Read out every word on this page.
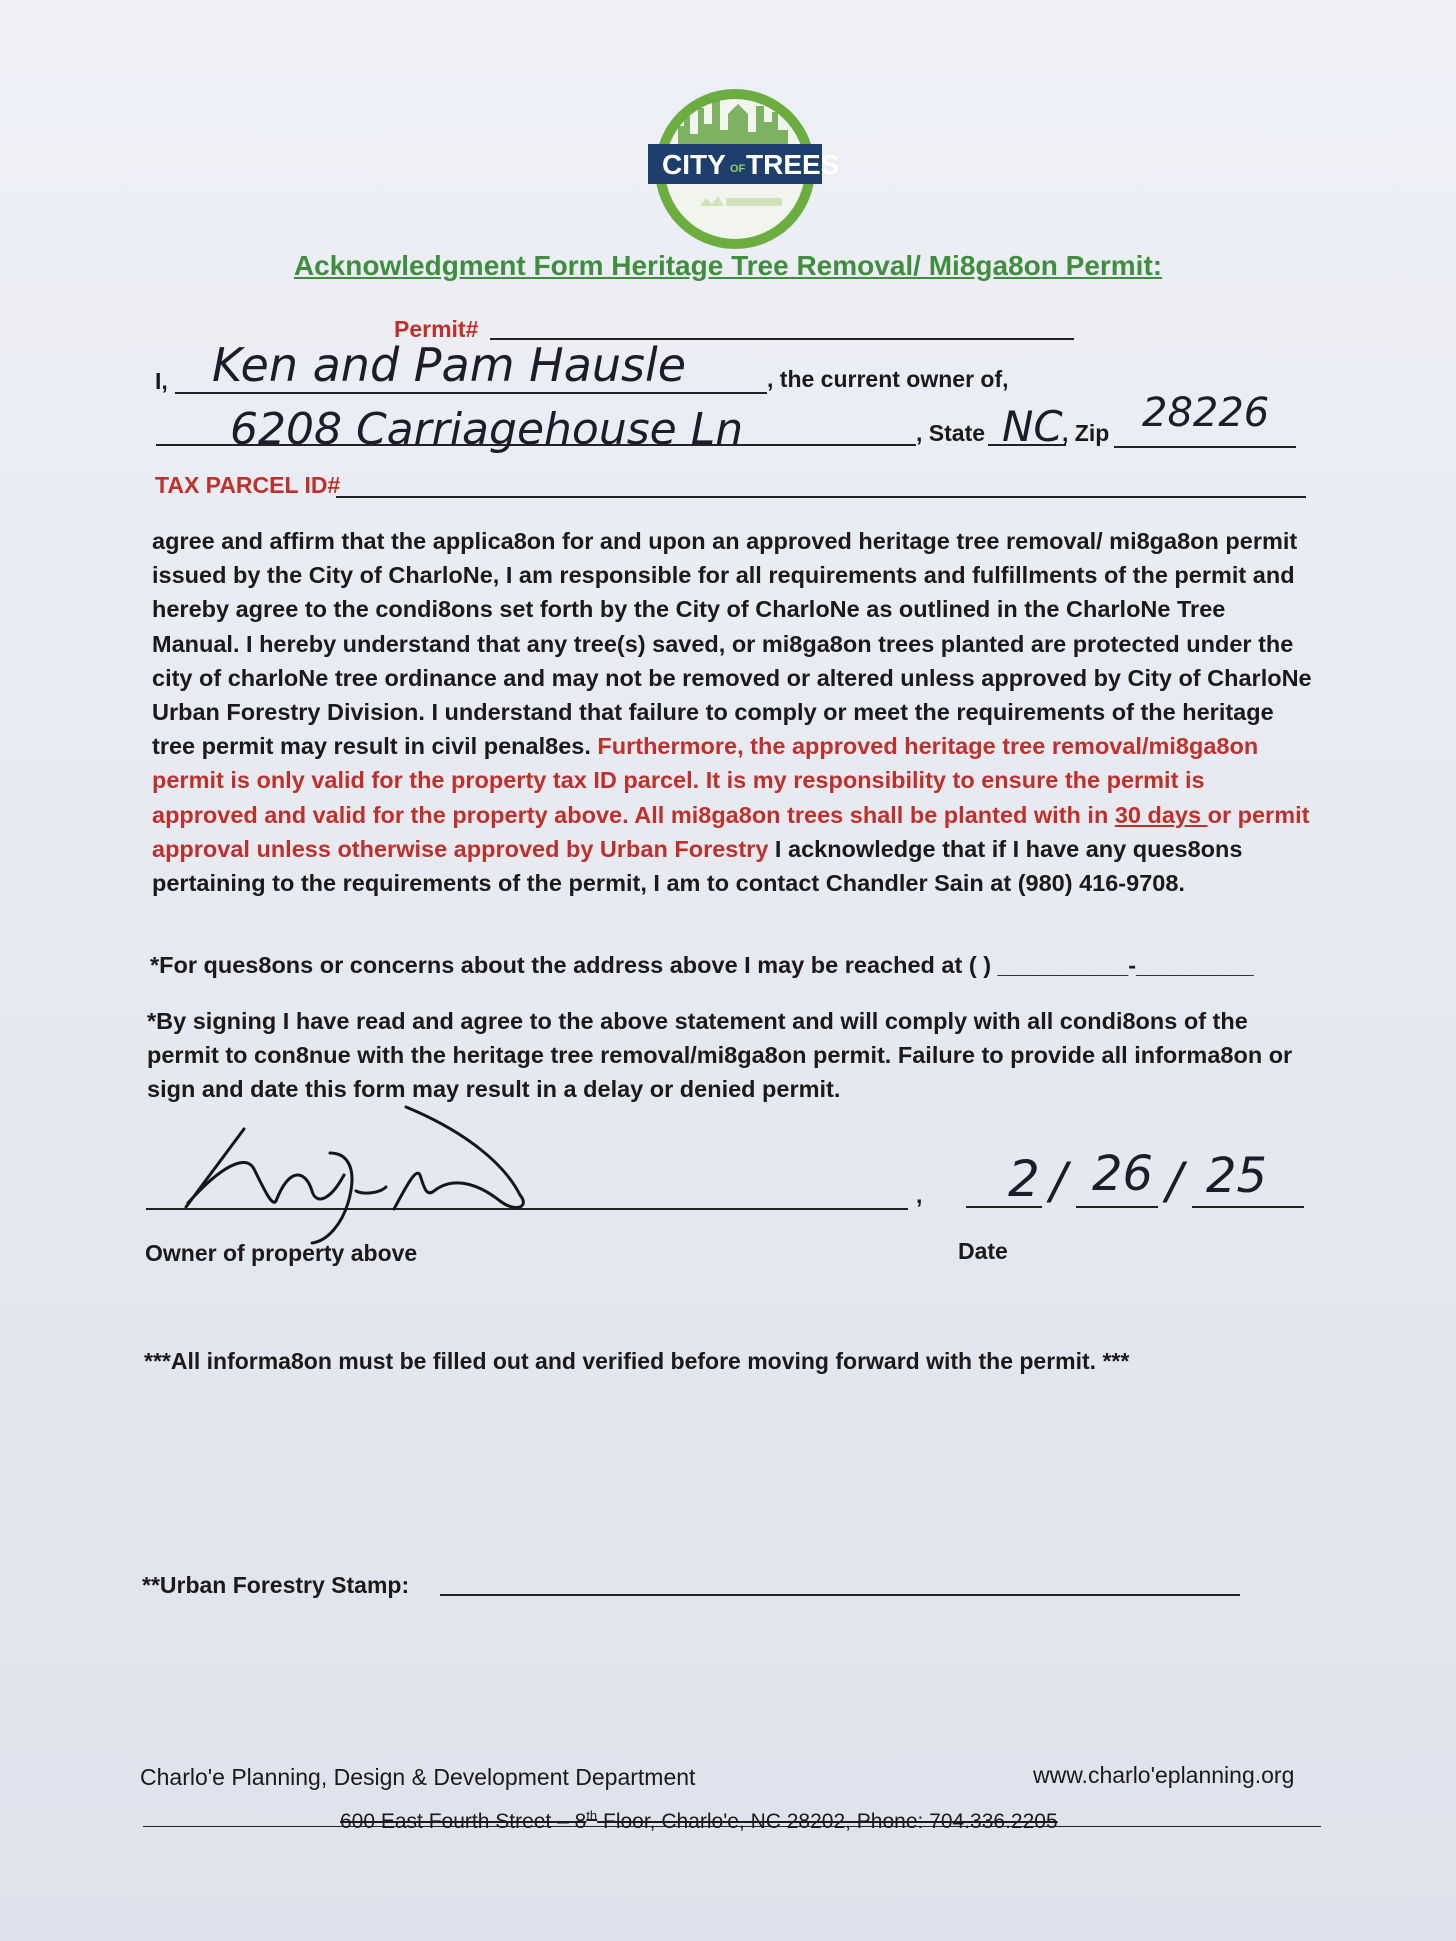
CITY OF TREES
Acknowledgment Form Heritage Tree Removal/ Mi8ga8on Permit:
Permit#
I, Ken and Pam Hausle	, the current owner of,
6208 Carriagehouse Ln	, State NC , Zip 28226
TAX PARCEL ID#
agree and affirm that the applica8on for and upon an approved heritage tree removal/ mi8ga8on permit issued by the City of CharloNe, I am responsible for all requirements and fulfillments of the permit and hereby agree to the condi8ons set forth by the City of CharloNe as outlined in the CharloNe Tree Manual. I hereby understand that any tree(s) saved, or mi8ga8on trees planted are protected under the city of charloNe tree ordinance and may not be removed or altered unless approved by City of CharloNe Urban Forestry Division. I understand that failure to comply or meet the requirements of the heritage tree permit may result in civil penal8es. Furthermore, the approved heritage tree removal/mi8ga8on permit is only valid for the property tax ID parcel. It is my responsibility to ensure the permit is approved and valid for the property above. All mi8ga8on trees shall be planted with in 30 days or permit approval unless otherwise approved by Urban Forestry I acknowledge that if I have any ques8ons pertaining to the requirements of the permit, I am to contact Chandler Sain at (980) 416-9708.
*For ques8ons or concerns about the address above I may be reached at ( ) __________-_________
*By signing I have read and agree to the above statement and will comply with all condi8ons of the permit to con8nue with the heritage tree removal/mi8ga8on permit. Failure to provide all informa8on or sign and date this form may result in a delay or denied permit.
, 2 / 26 / 25
Owner of property above	Date
***All informa8on must be filled out and verified before moving forward with the permit. ***
**Urban Forestry Stamp:
Charlo'e Planning, Design & Development Department	www.charlo'eplanning.org
600 East Fourth Street – 8th Floor, Charlo'e, NC 28202, Phone: 704.336.2205
